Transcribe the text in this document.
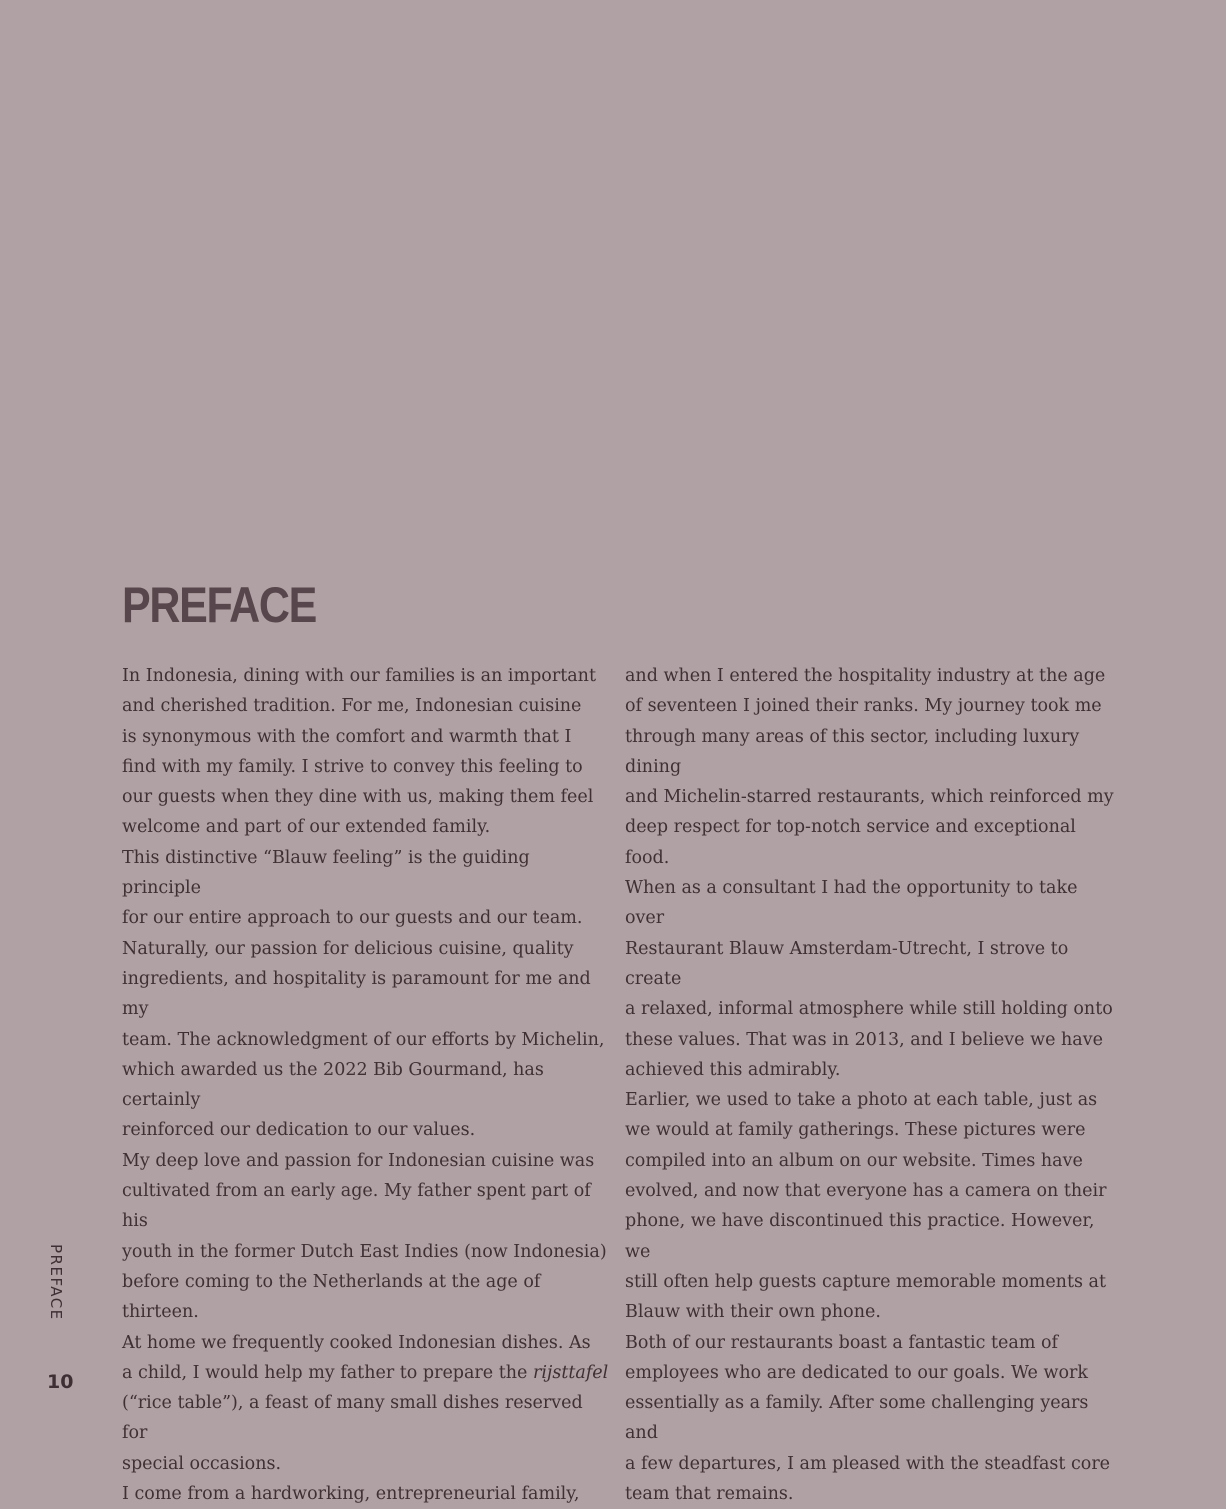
PREFACE

In Indonesia, dining with our families is an important
and cherished tradition. For me, Indonesian cuisine
is synonymous with the comfort and warmth that I
find with my family. I strive to convey this feeling to
our guests when they dine with us, making them feel
welcome and part of our extended family.

This distinctive “Blauw feeling” is the guiding principle
for our entire approach to our guests and our team.
Naturally, our passion for delicious cuisine, quality
ingredients, and hospitality is paramount for me and my
team. The acknowledgment of our efforts by Michelin,
which awarded us the 2022 Bib Gourmand, has certainly
reinforced our dedication to our values.

My deep love and passion for Indonesian cuisine was
cultivated from an early age. My father spent part of his
youth in the former Dutch East Indies (now Indonesia)
before coming to the Netherlands at the age of thirteen.
At home we frequently cooked Indonesian dishes. As
a child, I would help my father to prepare the rijsttafel
(“rice table”), a feast of many small dishes reserved for
special occasions.

I come from a hardworking, entrepreneurial family,

and when I entered the hospitality industry at the age
of seventeen I joined their ranks. My journey took me
through many areas of this sector, including luxury dining
and Michelin-starred restaurants, which reinforced my
deep respect for top-notch service and exceptional food.

When as a consultant I had the opportunity to take over
Restaurant Blauw Amsterdam-Utrecht, I strove to create
a relaxed, informal atmosphere while still holding onto
these values. That was in 2013, and I believe we have
achieved this admirably.

Earlier, we used to take a photo at each table, just as
we would at family gatherings. These pictures were
compiled into an album on our website. Times have
evolved, and now that everyone has a camera on their
phone, we have discontinued this practice. However, we
still often help guests capture memorable moments at
Blauw with their own phone.

Both of our restaurants boast a fantastic team of
employees who are dedicated to our goals. We work
essentially as a family. After some challenging years and
a few departures, I am pleased with the steadfast core
team that remains.

PREFACE
10
